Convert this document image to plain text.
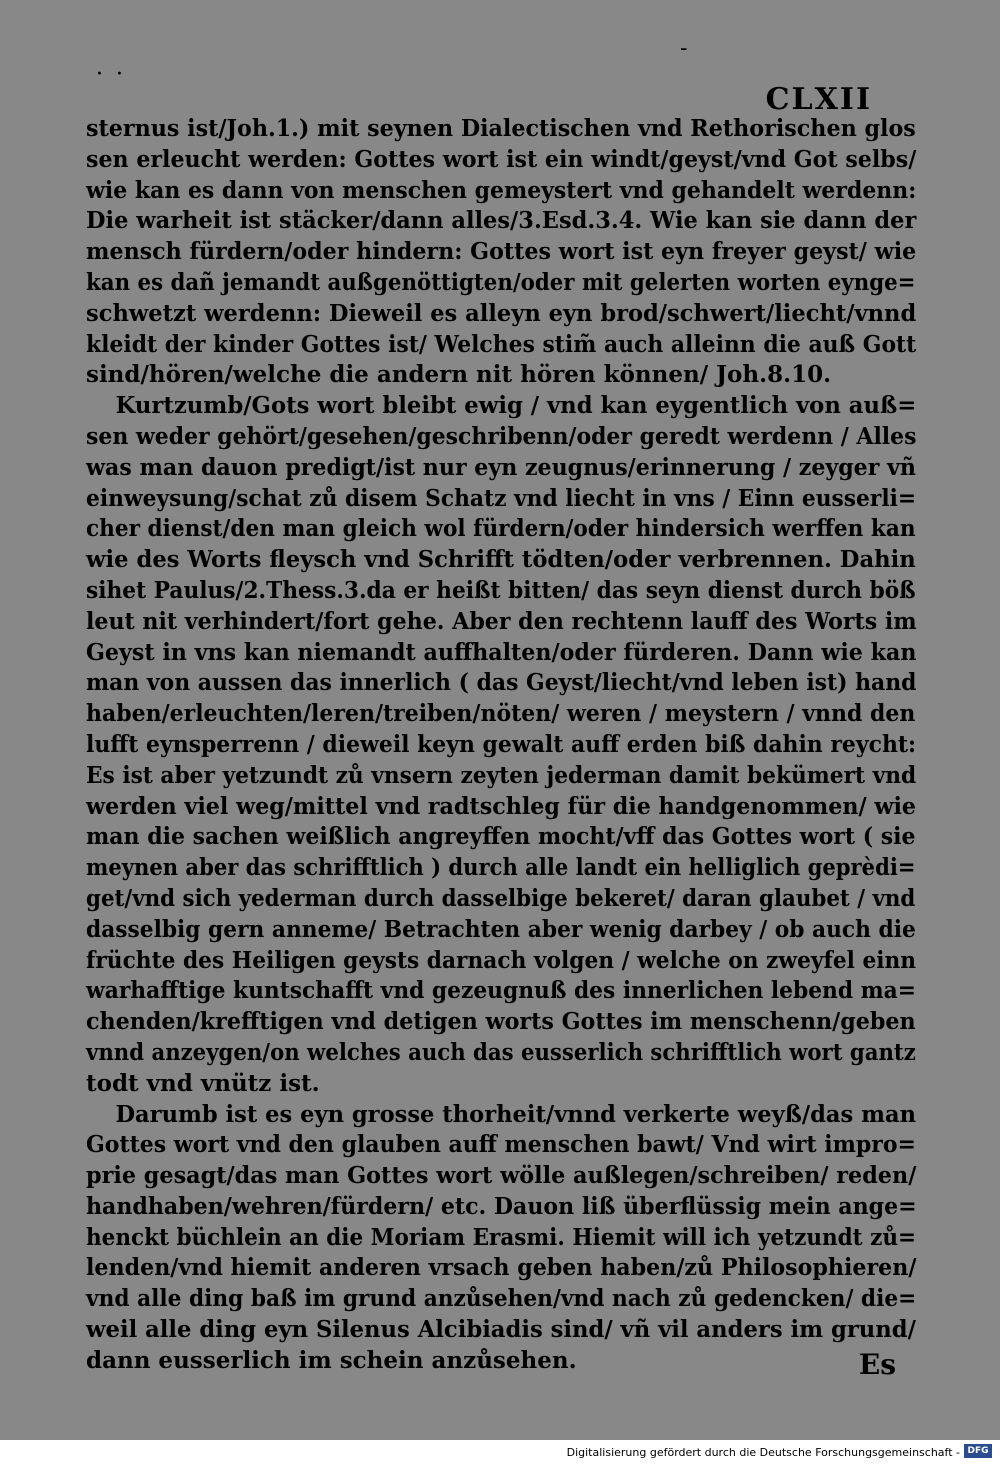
· ·
-
CLXII
sternus ist/Joh.1.) mit seynen Dialectischen vnd Rethorischen glos
sen erleucht werden: Gottes wort ist ein windt/geyst/vnd Got selbs/
wie kan es dann von menschen gemeystert vnd gehandelt werdenn:
Die warheit ist stäcker/dann alles/3.Esd.3.4. Wie kan sie dann der
mensch fürdern/oder hindern: Gottes wort ist eyn freyer geyst/ wie
kan es dañ jemandt außgenöttigten/oder mit gelerten worten eynge=
schwetzt werdenn: Dieweil es alleyn eyn brod/schwert/liecht/vnnd
kleidt der kinder Gottes ist/ Welches stim̃ auch alleinn die auß Gott
sind/hören/welche die andern nit hören können/ Joh.8.10.
Kurtzumb/Gots wort bleibt ewig / vnd kan eygentlich von auß=
sen weder gehört/gesehen/geschribenn/oder geredt werdenn / Alles
was man dauon predigt/ist nur eyn zeugnus/erinnerung / zeyger vñ
einweysung/schat zů disem Schatz vnd liecht in vns / Einn eusserli=
cher dienst/den man gleich wol fürdern/oder hindersich werffen kan
wie des Worts fleysch vnd Schrifft tödten/oder verbrennen. Dahin
sihet Paulus/2.Thess.3.da er heißt bitten/ das seyn dienst durch böß
leut nit verhindert/fort gehe. Aber den rechtenn lauff des Worts im
Geyst in vns kan niemandt auffhalten/oder fürderen. Dann wie kan
man von aussen das innerlich ( das Geyst/liecht/vnd leben ist) hand
haben/erleuchten/leren/treiben/nöten/ weren / meystern / vnnd den
lufft eynsperrenn / dieweil keyn gewalt auff erden biß dahin reycht:
Es ist aber yetzundt zů vnsern zeyten jederman damit bekümert vnd
werden viel weg/mittel vnd radtschleg für die handgenommen/ wie
man die sachen weißlich angreyffen mocht/vff das Gottes wort ( sie
meynen aber das schrifftlich ) durch alle landt ein helliglich geprèdi=
get/vnd sich yederman durch dasselbige bekeret/ daran glaubet / vnd
dasselbig gern anneme/ Betrachten aber wenig darbey / ob auch die
früchte des Heiligen geysts darnach volgen / welche on zweyfel einn
warhafftige kuntschafft vnd gezeugnuß des innerlichen lebend ma=
chenden/krefftigen vnd detigen worts Gottes im menschenn/geben
vnnd anzeygen/on welches auch das eusserlich schrifftlich wort gantz
todt vnd vnütz ist.
Darumb ist es eyn grosse thorheit/vnnd verkerte weyß/das man
Gottes wort vnd den glauben auff menschen bawt/ Vnd wirt impro=
prie gesagt/das man Gottes wort wölle außlegen/schreiben/ reden/
handhaben/wehren/fürdern/ etc. Dauon liß überflüssig mein ange=
henckt büchlein an die Moriam Erasmi. Hiemit will ich yetzundt zů=
lenden/vnd hiemit anderen vrsach geben haben/zů Philosophieren/
vnd alle ding baß im grund anzůsehen/vnd nach zů gedencken/ die=
weil alle ding eyn Silenus Alcibiadis sind/ vñ vil anders im grund/
dann eusserlich im schein anzůsehen.	Es
Digitalisierung gefördert durch die Deutsche Forschungsgemeinschaft - DFG
